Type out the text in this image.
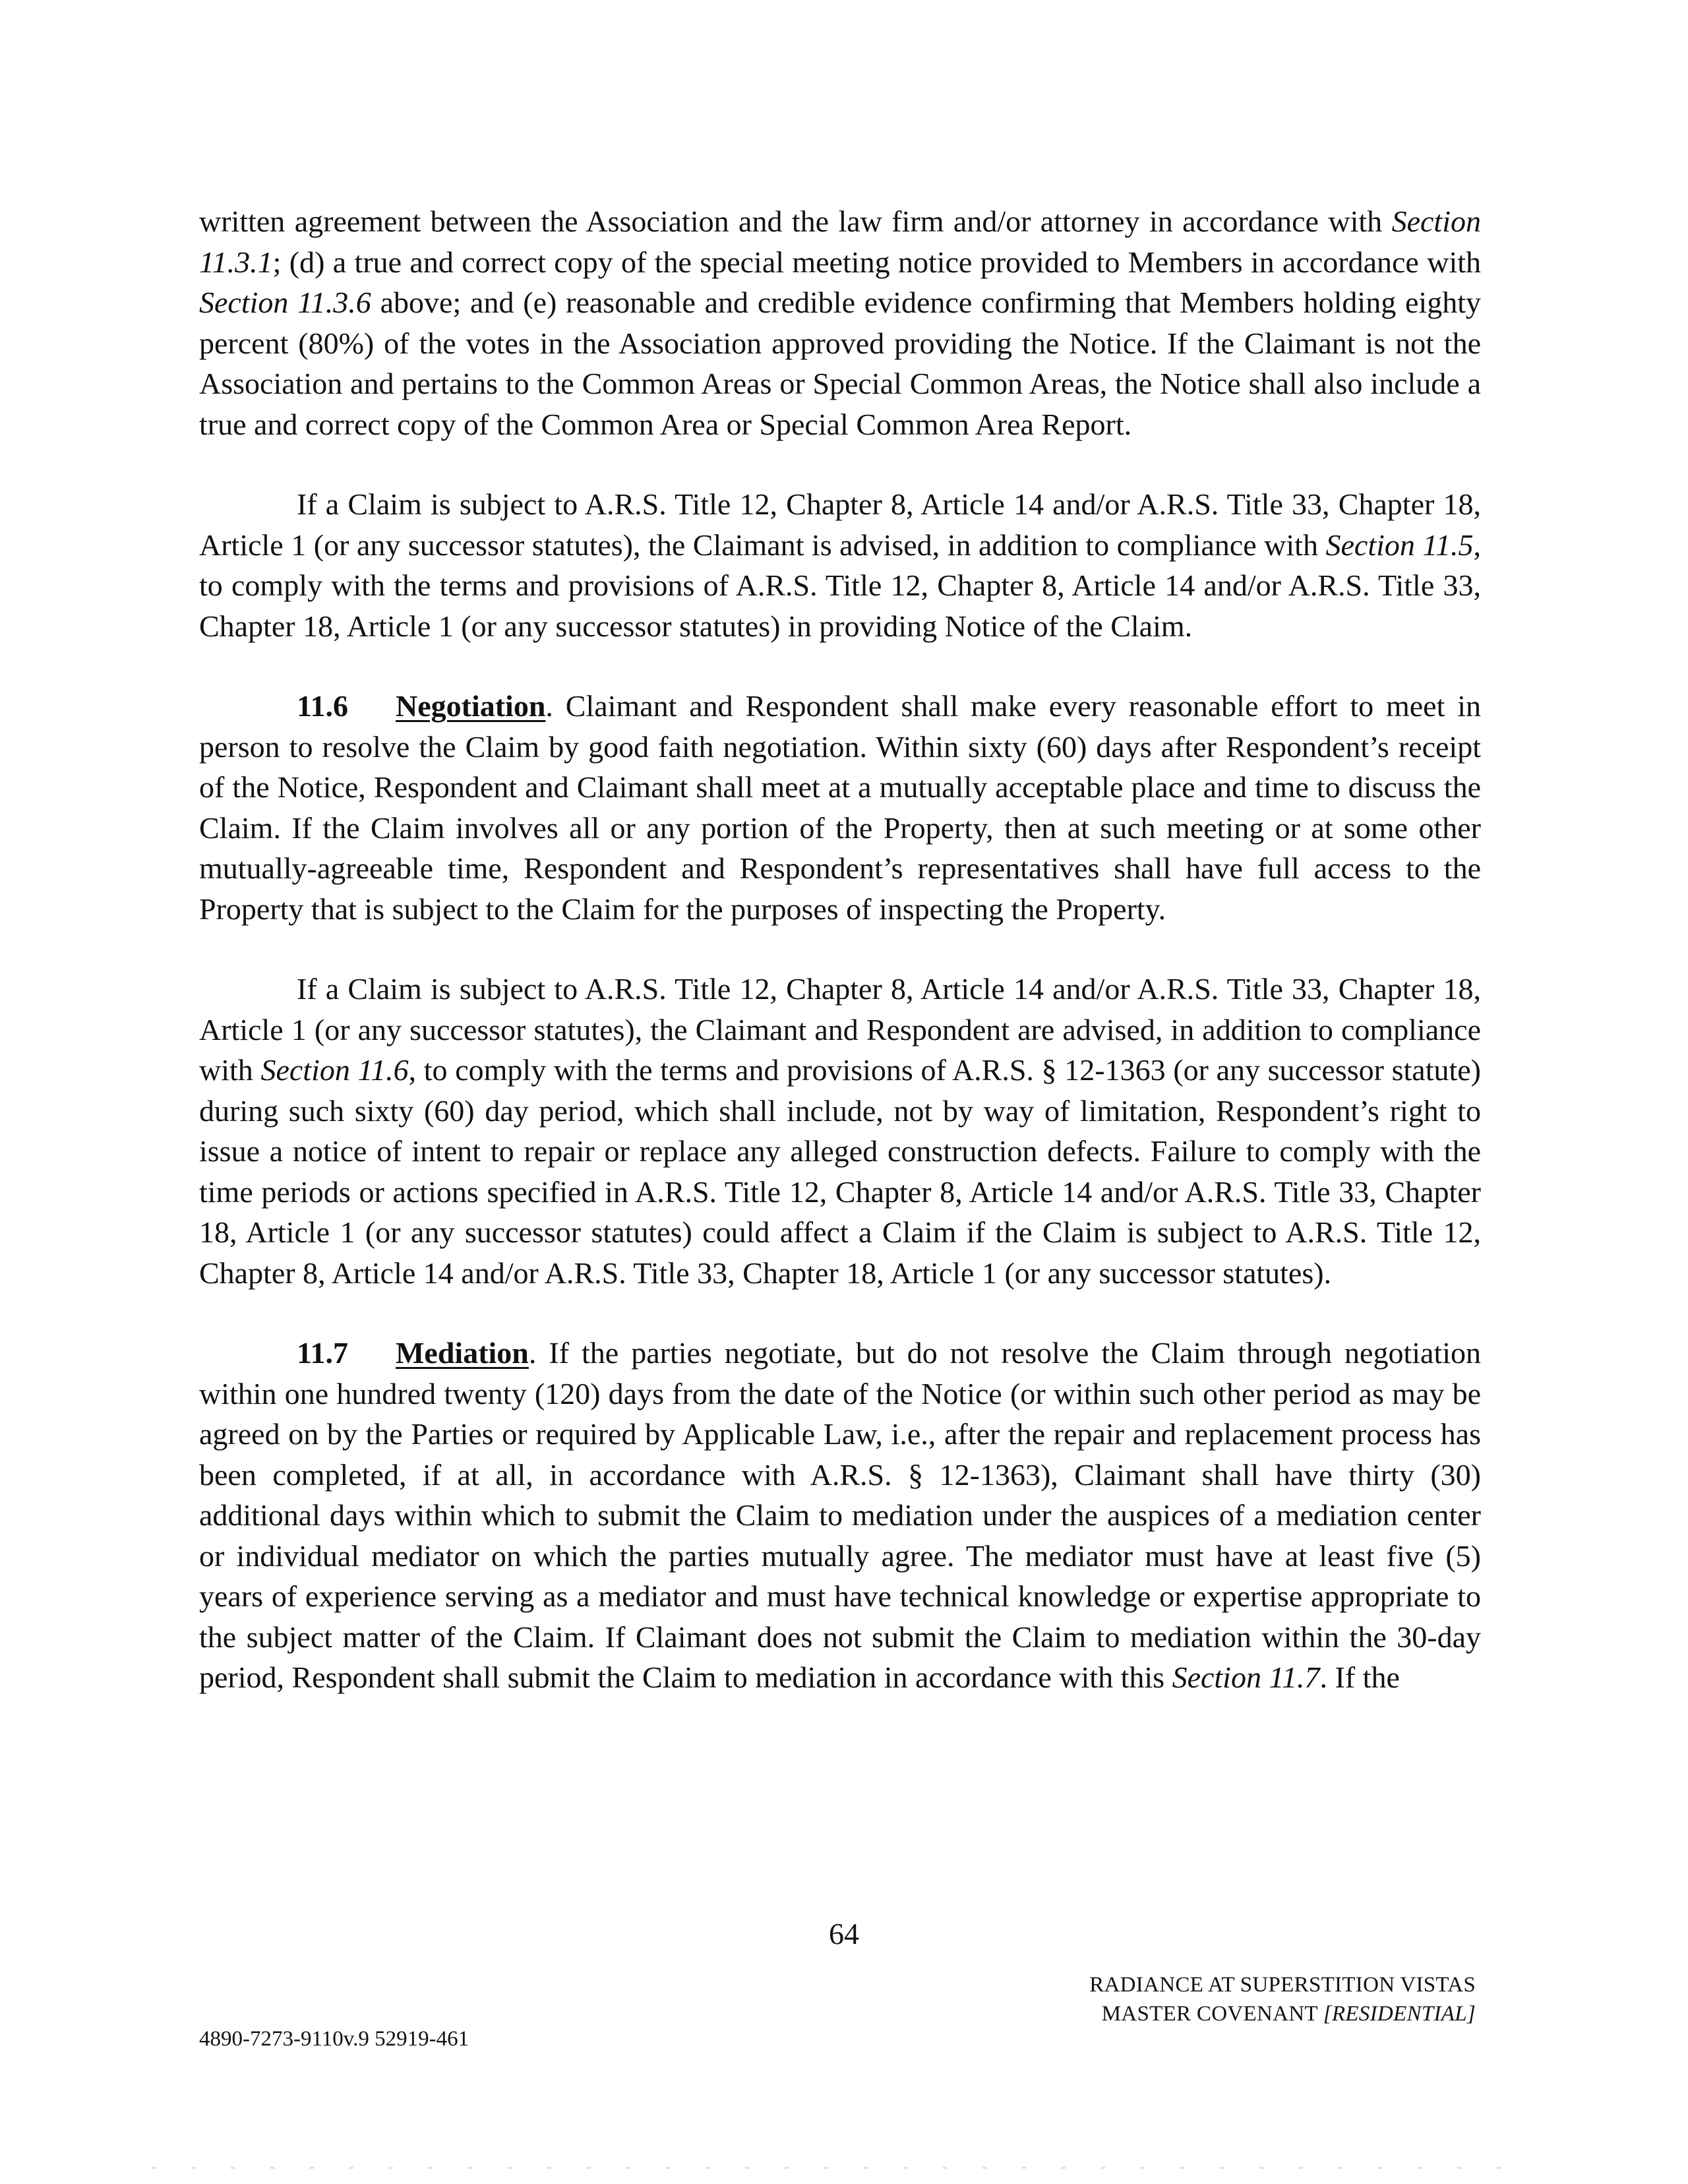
written agreement between the Association and the law firm and/or attorney in accordance with Section 11.3.1; (d) a true and correct copy of the special meeting notice provided to Members in accordance with Section 11.3.6 above; and (e) reasonable and credible evidence confirming that Members holding eighty percent (80%) of the votes in the Association approved providing the Notice. If the Claimant is not the Association and pertains to the Common Areas or Special Common Areas, the Notice shall also include a true and correct copy of the Common Area or Special Common Area Report.

If a Claim is subject to A.R.S. Title 12, Chapter 8, Article 14 and/or A.R.S. Title 33, Chapter 18, Article 1 (or any successor statutes), the Claimant is advised, in addition to compliance with Section 11.5, to comply with the terms and provisions of A.R.S. Title 12, Chapter 8, Article 14 and/or A.R.S. Title 33, Chapter 18, Article 1 (or any successor statutes) in providing Notice of the Claim.

11.6 Negotiation. Claimant and Respondent shall make every reasonable effort to meet in person to resolve the Claim by good faith negotiation. Within sixty (60) days after Respondent’s receipt of the Notice, Respondent and Claimant shall meet at a mutually acceptable place and time to discuss the Claim. If the Claim involves all or any portion of the Property, then at such meeting or at some other mutually-agreeable time, Respondent and Respondent’s representatives shall have full access to the Property that is subject to the Claim for the purposes of inspecting the Property.

If a Claim is subject to A.R.S. Title 12, Chapter 8, Article 14 and/or A.R.S. Title 33, Chapter 18, Article 1 (or any successor statutes), the Claimant and Respondent are advised, in addition to compliance with Section 11.6, to comply with the terms and provisions of A.R.S. § 12-1363 (or any successor statute) during such sixty (60) day period, which shall include, not by way of limitation, Respondent’s right to issue a notice of intent to repair or replace any alleged construction defects. Failure to comply with the time periods or actions specified in A.R.S. Title 12, Chapter 8, Article 14 and/or A.R.S. Title 33, Chapter 18, Article 1 (or any successor statutes) could affect a Claim if the Claim is subject to A.R.S. Title 12, Chapter 8, Article 14 and/or A.R.S. Title 33, Chapter 18, Article 1 (or any successor statutes).

11.7 Mediation. If the parties negotiate, but do not resolve the Claim through negotiation within one hundred twenty (120) days from the date of the Notice (or within such other period as may be agreed on by the Parties or required by Applicable Law, i.e., after the repair and replacement process has been completed, if at all, in accordance with A.R.S. § 12-1363), Claimant shall have thirty (30) additional days within which to submit the Claim to mediation under the auspices of a mediation center or individual mediator on which the parties mutually agree. The mediator must have at least five (5) years of experience serving as a mediator and must have technical knowledge or expertise appropriate to the subject matter of the Claim. If Claimant does not submit the Claim to mediation within the 30-day period, Respondent shall submit the Claim to mediation in accordance with this Section 11.7. If the

64
RADIANCE AT SUPERSTITION VISTAS
MASTER COVENANT [RESIDENTIAL]
4890-7273-9110v.9 52919-461
